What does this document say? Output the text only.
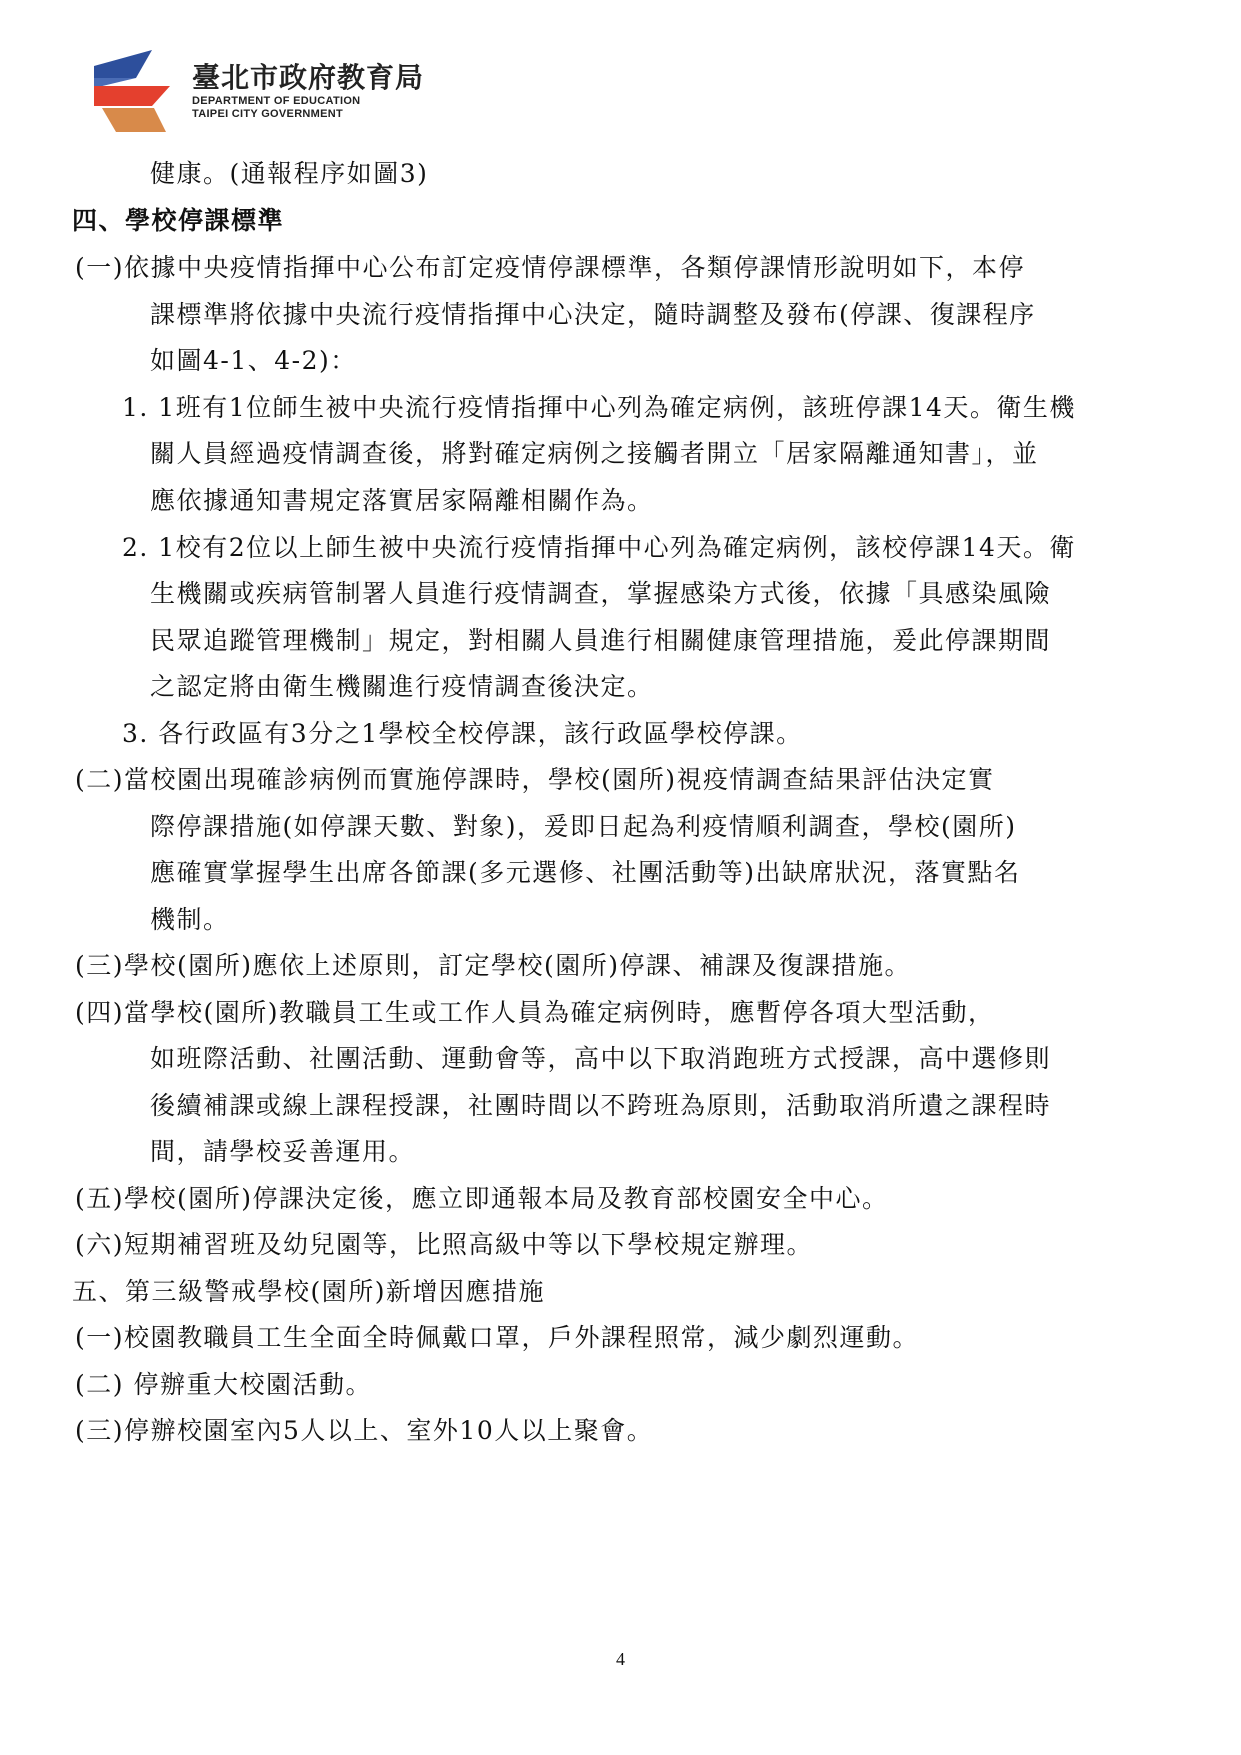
臺北市政府教育局
DEPARTMENT OF EDUCATION
TAIPEI CITY GOVERNMENT
健康。(通報程序如圖3)
四、學校停課標準
(一)依據中央疫情指揮中心公布訂定疫情停課標準，各類停課情形說明如下，本停
課標準將依據中央流行疫情指揮中心決定，隨時調整及發布(停課、復課程序
如圖4-1、4-2)：
1. 1班有1位師生被中央流行疫情指揮中心列為確定病例，該班停課14天。衛生機
關人員經過疫情調查後，將對確定病例之接觸者開立「居家隔離通知書」，並
應依據通知書規定落實居家隔離相關作為。
2. 1校有2位以上師生被中央流行疫情指揮中心列為確定病例，該校停課14天。衛
生機關或疾病管制署人員進行疫情調查，掌握感染方式後，依據「具感染風險
民眾追蹤管理機制」規定，對相關人員進行相關健康管理措施，爰此停課期間
之認定將由衛生機關進行疫情調查後決定。
3. 各行政區有3分之1學校全校停課，該行政區學校停課。
(二)當校園出現確診病例而實施停課時，學校(園所)視疫情調查結果評估決定實
際停課措施(如停課天數、對象)，爰即日起為利疫情順利調查，學校(園所)
應確實掌握學生出席各節課(多元選修、社團活動等)出缺席狀況，落實點名
機制。
(三)學校(園所)應依上述原則，訂定學校(園所)停課、補課及復課措施。
(四)當學校(園所)教職員工生或工作人員為確定病例時，應暫停各項大型活動，
如班際活動、社團活動、運動會等，高中以下取消跑班方式授課，高中選修則
後續補課或線上課程授課，社團時間以不跨班為原則，活動取消所遺之課程時
間，請學校妥善運用。
(五)學校(園所)停課決定後，應立即通報本局及教育部校園安全中心。
(六)短期補習班及幼兒園等，比照高級中等以下學校規定辦理。
五、第三級警戒學校(園所)新增因應措施
(一)校園教職員工生全面全時佩戴口罩，戶外課程照常，減少劇烈運動。
(二) 停辦重大校園活動。
(三)停辦校園室內5人以上、室外10人以上聚會。
4
